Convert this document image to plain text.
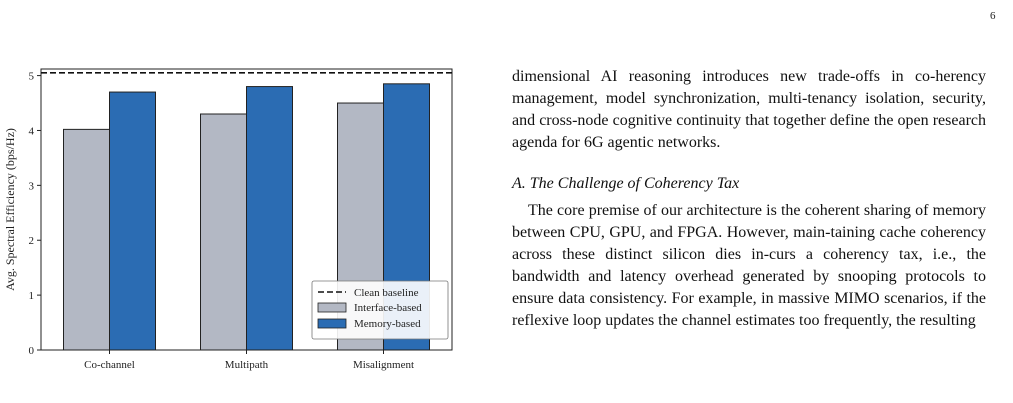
6
0
1
2
3
4
5
Avg. Spectral Efficiency (bps/Hz)
Co-channel	Multipath	Misalignment
Clean baseline
Interface-based
Memory-based

dimensional AI reasoning introduces new trade-offs in co-herency management, model synchronization, multi-tenancy isolation, security, and cross-node cognitive continuity that together define the open research agenda for 6G agentic networks.

A. The Challenge of Coherency Tax

The core premise of our architecture is the coherent sharing of memory between CPU, GPU, and FPGA. However, main-taining cache coherency across these distinct silicon dies in-curs a coherency tax, i.e., the bandwidth and latency overhead generated by snooping protocols to ensure data consistency. For example, in massive MIMO scenarios, if the reflexive loop updates the channel estimates too frequently, the resulting
